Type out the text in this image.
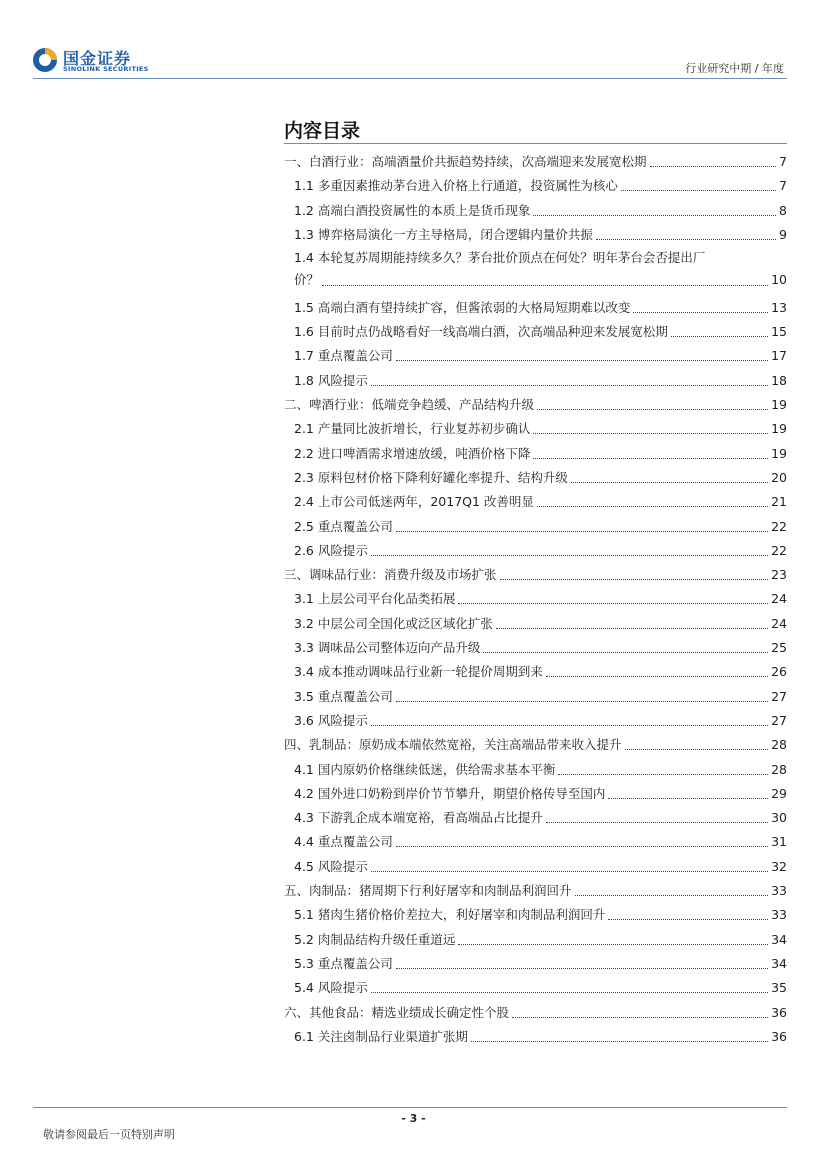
国金证券
SINOLINK SECURITIES	行业研究中期 / 年度
内容目录
一、白酒行业：高端酒量价共振趋势持续，次高端迎来发展宽松期	7
1.1 多重因素推动茅台进入价格上行通道，投资属性为核心	7
1.2 高端白酒投资属性的本质上是货币现象	8
1.3 博弈格局演化一方主导格局，闭合逻辑内量价共振	9
1.4 本轮复苏周期能持续多久？茅台批价顶点在何处？明年茅台会否提出厂
价？	10
1.5 高端白酒有望持续扩容，但酱浓弱的大格局短期难以改变	13
1.6 目前时点仍战略看好一线高端白酒，次高端品种迎来发展宽松期	15
1.7 重点覆盖公司	17
1.8 风险提示	18
二、啤酒行业：低端竞争趋缓、产品结构升级	19
2.1 产量同比波折增长，行业复苏初步确认	19
2.2 进口啤酒需求增速放缓，吨酒价格下降	19
2.3 原料包材价格下降利好罐化率提升、结构升级	20
2.4 上市公司低迷两年，2017Q1 改善明显	21
2.5 重点覆盖公司	22
2.6 风险提示	22
三、调味品行业：消费升级及市场扩张	23
3.1 上层公司平台化品类拓展	24
3.2 中层公司全国化或泛区域化扩张	24
3.3 调味品公司整体迈向产品升级	25
3.4 成本推动调味品行业新一轮提价周期到来	26
3.5 重点覆盖公司	27
3.6 风险提示	27
四、乳制品：原奶成本端依然宽裕，关注高端品带来收入提升	28
4.1 国内原奶价格继续低迷，供给需求基本平衡	28
4.2 国外进口奶粉到岸价节节攀升，期望价格传导至国内	29
4.3 下游乳企成本端宽裕，看高端品占比提升	30
4.4 重点覆盖公司	31
4.5 风险提示	32
五、肉制品：猪周期下行利好屠宰和肉制品利润回升	33
5.1 猪肉生猪价格价差拉大，利好屠宰和肉制品利润回升	33
5.2 肉制品结构升级任重道远	34
5.3 重点覆盖公司	34
5.4 风险提示	35
六、其他食品：精选业绩成长确定性个股	36
6.1 关注卤制品行业渠道扩张期	36
- 3 -
敬请参阅最后一页特别声明
